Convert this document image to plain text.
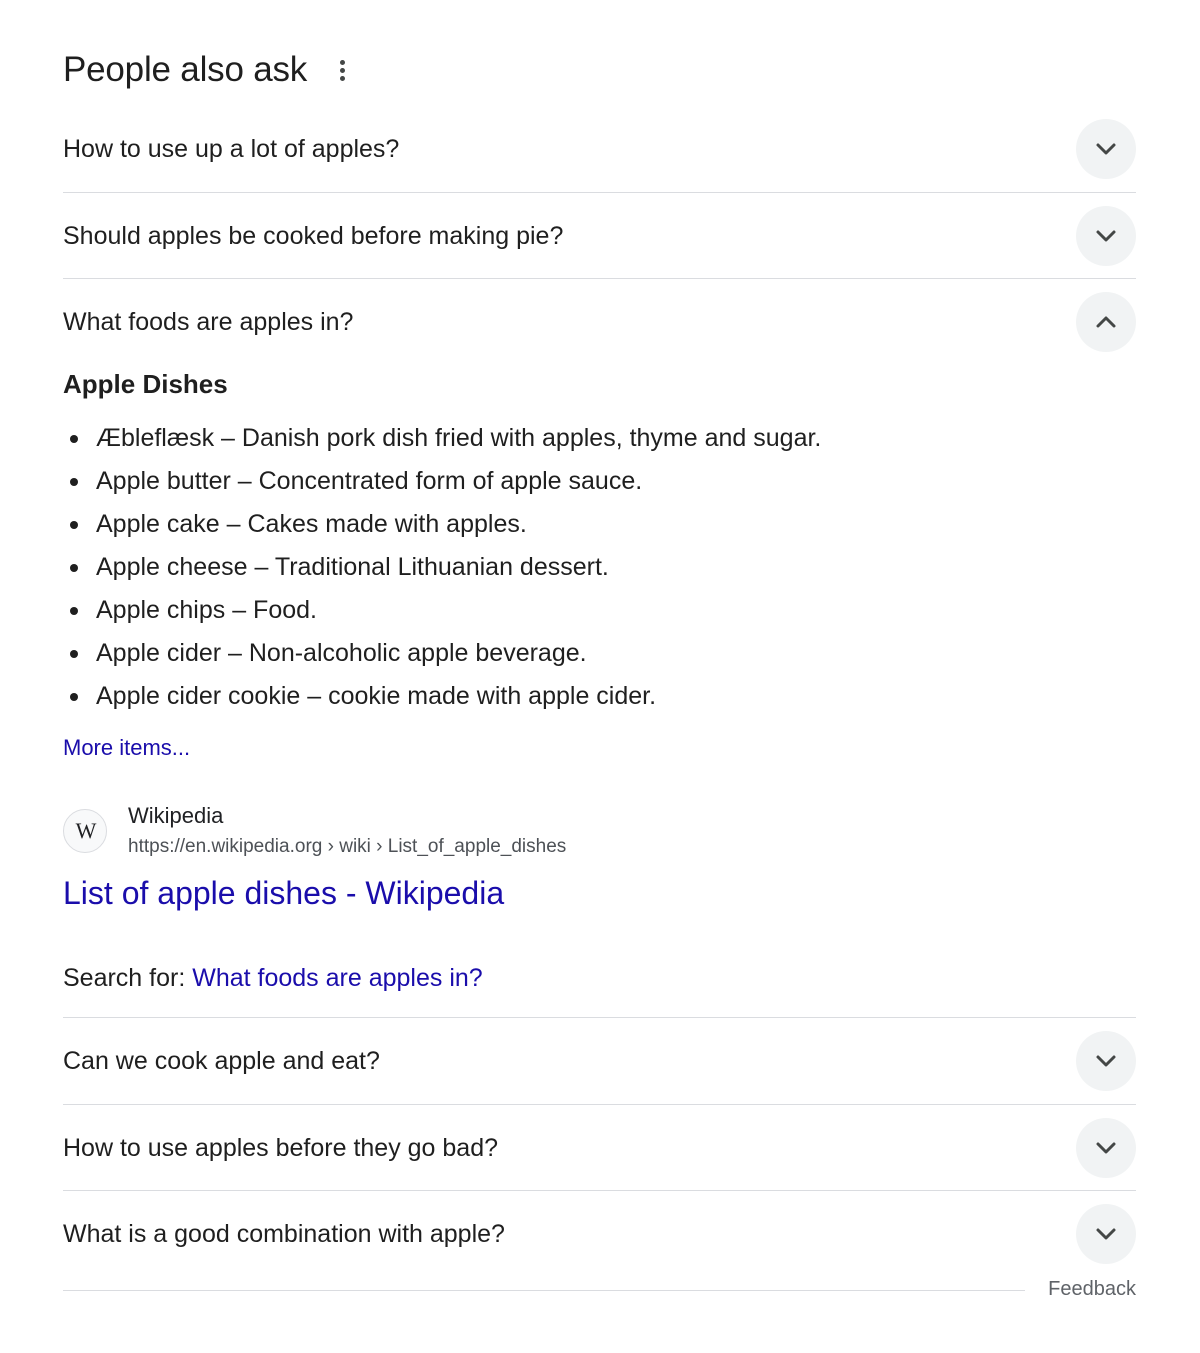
People also ask
How to use up a lot of apples?
Should apples be cooked before making pie?
What foods are apples in?
Apple Dishes
Æbleflæsk – Danish pork dish fried with apples, thyme and sugar.
Apple butter – Concentrated form of apple sauce.
Apple cake – Cakes made with apples.
Apple cheese – Traditional Lithuanian dessert.
Apple chips – Food.
Apple cider – Non-alcoholic apple beverage.
Apple cider cookie – cookie made with apple cider.
More items...
W
Wikipedia
https://en.wikipedia.org › wiki › List_of_apple_dishes
List of apple dishes - Wikipedia
Search for: What foods are apples in?
Can we cook apple and eat?
How to use apples before they go bad?
What is a good combination with apple?
Feedback
